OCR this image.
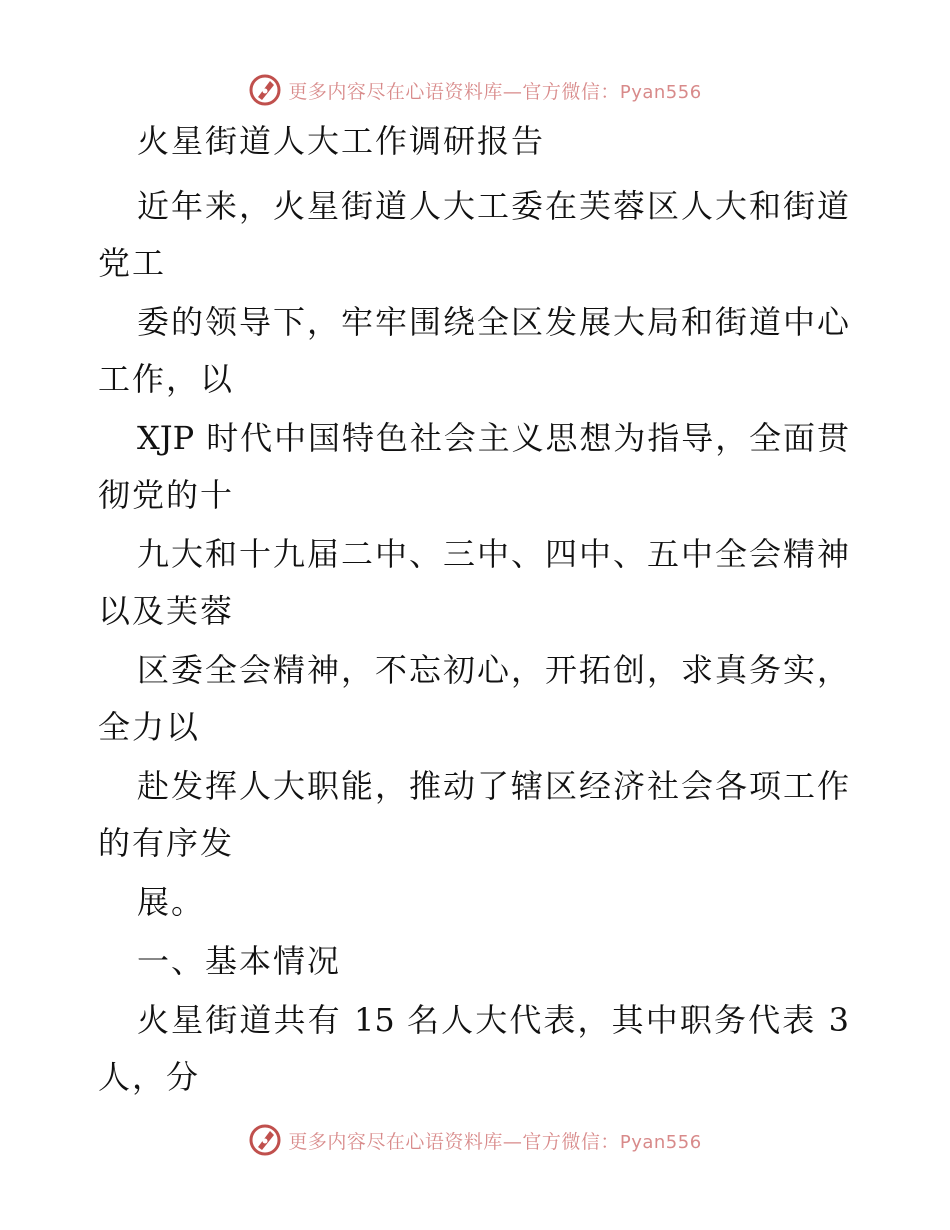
更多内容尽在心语资料库—官方微信：Pyan556
火星街道人大工作调研报告
近年来，火星街道人大工委在芙蓉区人大和街道
党工
委的领导下，牢牢围绕全区发展大局和街道中心
工作，以
XJP 时代中国特色社会主义思想为指导，全面贯
彻党的十
九大和十九届二中、三中、四中、五中全会精神
以及芙蓉
区委全会精神，不忘初心，开拓创，求真务实，
全力以
赴发挥人大职能，推动了辖区经济社会各项工作
的有序发
展。
一、基本情况
火星街道共有 15 名人大代表，其中职务代表 3
人，分
更多内容尽在心语资料库—官方微信：Pyan556
